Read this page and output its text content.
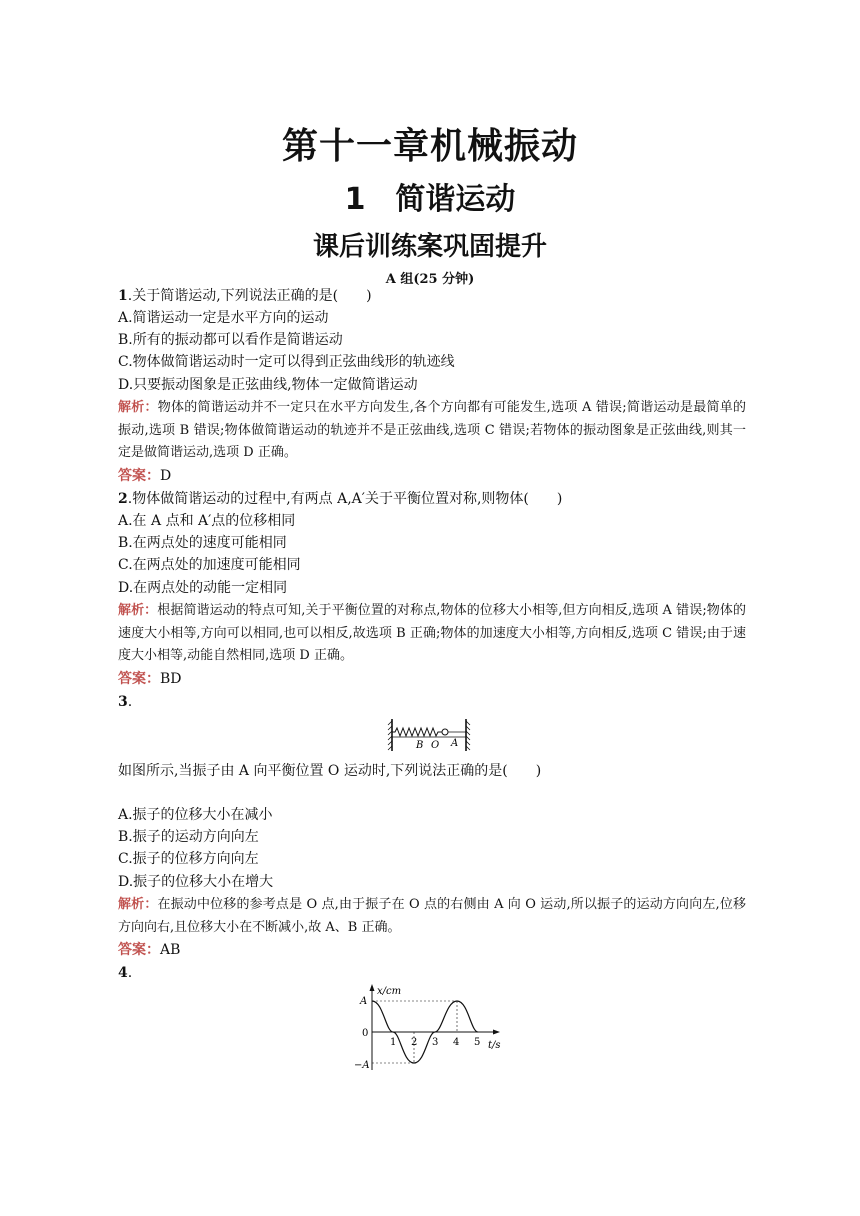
第十一章机械振动
1　简谐运动
课后训练案巩固提升
A 组(25 分钟)
1.关于简谐运动,下列说法正确的是(　　)
A.简谐运动一定是水平方向的运动
B.所有的振动都可以看作是简谐运动
C.物体做简谐运动时一定可以得到正弦曲线形的轨迹线
D.只要振动图象是正弦曲线,物体一定做简谐运动
解析：物体的简谐运动并不一定只在水平方向发生,各个方向都有可能发生,选项 A 错误;简谐运动是最简单的振动,选项 B 错误;物体做简谐运动的轨迹并不是正弦曲线,选项 C 错误;若物体的振动图象是正弦曲线,则其一定是做简谐运动,选项 D 正确。
答案：D
2.物体做简谐运动的过程中,有两点 A,A′关于平衡位置对称,则物体(　　)
A.在 A 点和 A′点的位移相同
B.在两点处的速度可能相同
C.在两点处的加速度可能相同
D.在两点处的动能一定相同
解析：根据简谐运动的特点可知,关于平衡位置的对称点,物体的位移大小相等,但方向相反,选项 A 错误;物体的速度大小相等,方向可以相同,也可以相反,故选项 B 正确;物体的加速度大小相等,方向相反,选项 C 错误;由于速度大小相等,动能自然相同,选项 D 正确。
答案：BD
3.
B O A
如图所示,当振子由 A 向平衡位置 O 运动时,下列说法正确的是(　　)
A.振子的位移大小在减小
B.振子的运动方向向左
C.振子的位移方向向左
D.振子的位移大小在增大
解析：在振动中位移的参考点是 O 点,由于振子在 O 点的右侧由 A 向 O 运动,所以振子的运动方向向左,位移方向向右,且位移大小在不断减小,故 A、B 正确。
答案：AB
4.
x/cm
t/s
A
0
−A
1 2 3 4 5
